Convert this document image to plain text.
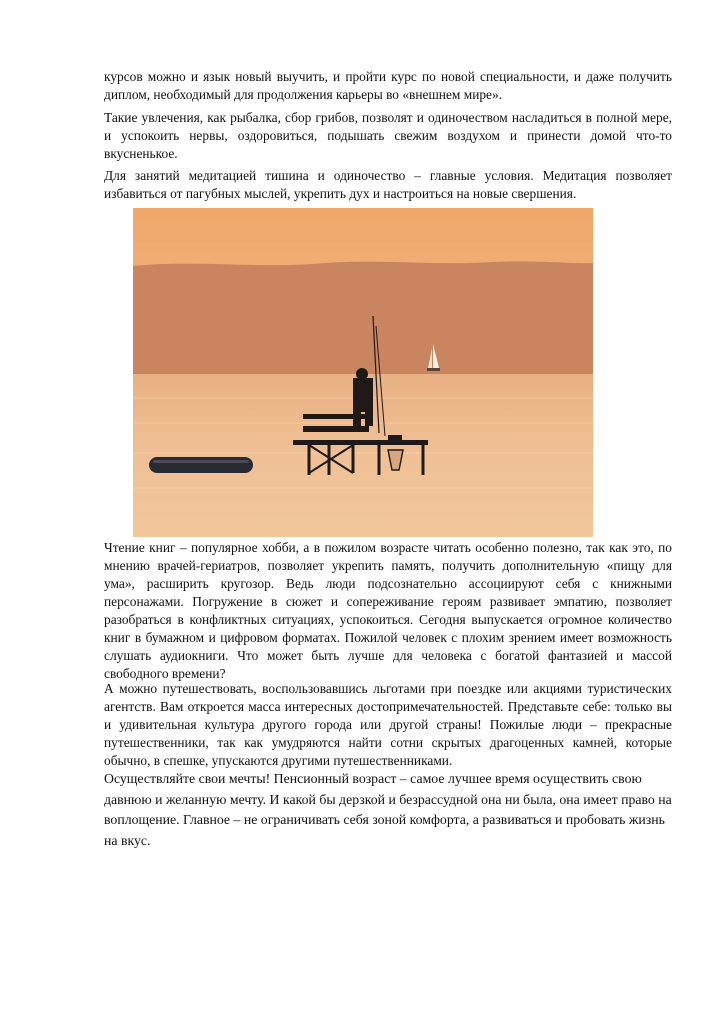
курсов можно и язык новый выучить, и пройти курс по новой специальности, и даже получить диплом, необходимый для продолжения карьеры во «внешнем мире».

Такие увлечения, как рыбалка, сбор грибов, позволят и одиночеством насладиться в полной мере, и успокоить нервы, оздоровиться, подышать свежим воздухом и принести домой что-то вкусненькое.

Для занятий медитацией тишина и одиночество – главные условия. Медитация позволяет избавиться от пагубных мыслей, укрепить дух и настроиться на новые свершения.

Чтение книг – популярное хобби, а в пожилом возрасте читать особенно полезно, так как это, по мнению врачей-гериатров, позволяет укрепить память, получить дополнительную «пищу для ума», расширить кругозор. Ведь люди подсознательно ассоциируют себя с книжными персонажами. Погружение в сюжет и сопереживание героям развивает эмпатию, позволяет разобраться в конфликтных ситуациях, успокоиться. Сегодня выпускается огромное количество книг в бумажном и цифровом форматах. Пожилой человек с плохим зрением имеет возможность слушать аудиокниги. Что может быть лучше для человека с богатой фантазией и массой свободного времени?

А можно путешествовать, воспользовавшись льготами при поездке или акциями туристических агентств. Вам откроется масса интересных достопримечательностей. Представьте себе: только вы и удивительная культура другого города или другой страны! Пожилые люди – прекрасные путешественники, так как умудряются найти сотни скрытых драгоценных камней, которые обычно, в спешке, упускаются другими путешественниками.

Осуществляйте свои мечты! Пенсионный возраст – самое лучшее время осуществить свою давнюю и желанную мечту. И какой бы дерзкой и безрассудной она ни была, она имеет право на воплощение. Главное – не ограничивать себя зоной комфорта, а развиваться и пробовать жизнь на вкус.
